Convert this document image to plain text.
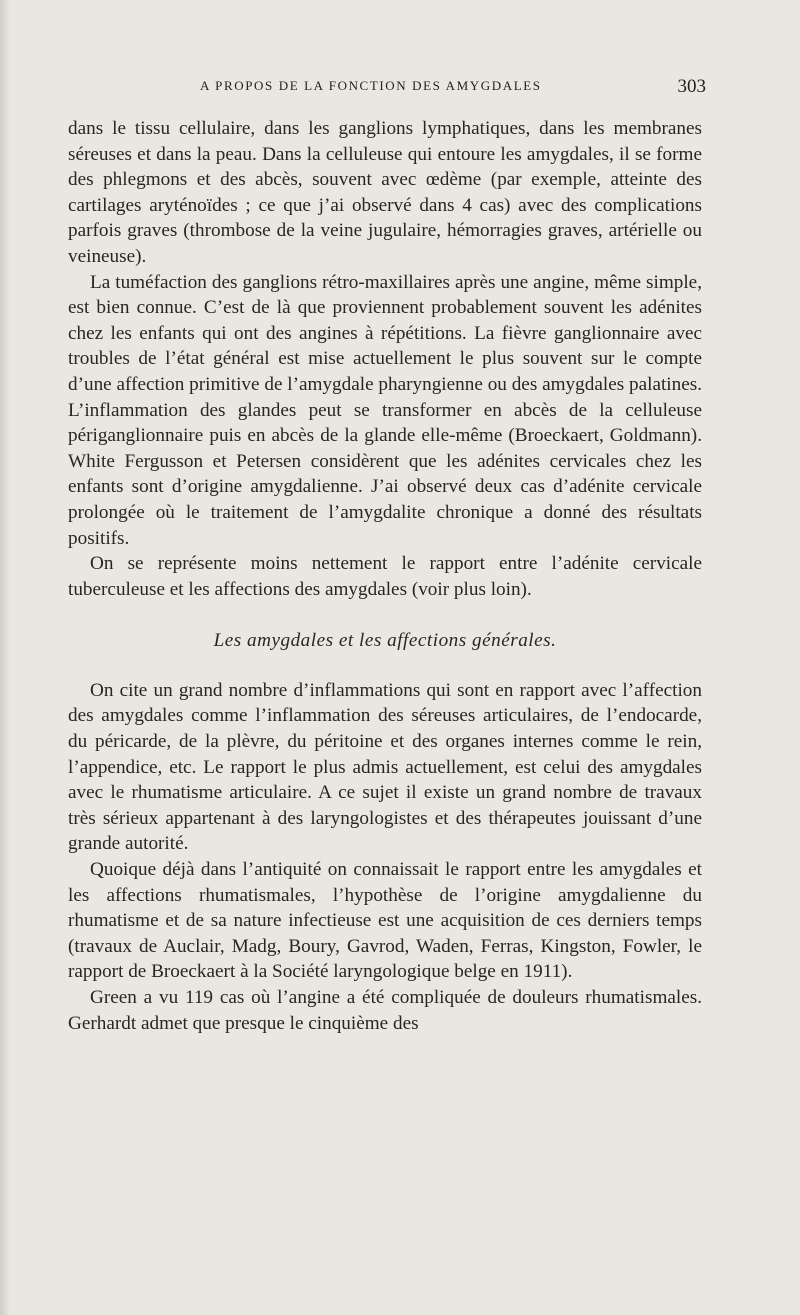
A PROPOS DE LA FONCTION DES AMYGDALES	303

dans le tissu cellulaire, dans les ganglions lymphatiques, dans les membranes séreuses et dans la peau. Dans la celluleuse qui entoure les amygdales, il se forme des phlegmons et des abcès, souvent avec œdème (par exemple, atteinte des cartilages aryténoïdes ; ce que j’ai observé dans 4 cas) avec des complications parfois graves (thrombose de la veine jugulaire, hémorragies graves, artérielle ou veineuse).

La tuméfaction des ganglions rétro-maxillaires après une angine, même simple, est bien connue. C’est de là que proviennent probablement souvent les adénites chez les enfants qui ont des angines à répétitions. La fièvre ganglionnaire avec troubles de l’état général est mise actuellement le plus souvent sur le compte d’une affection primitive de l’amygdale pharyngienne ou des amygdales palatines. L’inflammation des glandes peut se transformer en abcès de la celluleuse périganglionnaire puis en abcès de la glande elle-même (Broeckaert, Goldmann). White Fergusson et Petersen considèrent que les adénites cervicales chez les enfants sont d’origine amygdalienne. J’ai observé deux cas d’adénite cervicale prolongée où le traitement de l’amygdalite chronique a donné des résultats positifs.

On se représente moins nettement le rapport entre l’adénite cervicale tuberculeuse et les affections des amygdales (voir plus loin).

Les amygdales et les affections générales.

On cite un grand nombre d’inflammations qui sont en rapport avec l’affection des amygdales comme l’inflammation des séreuses articulaires, de l’endocarde, du péricarde, de la plèvre, du péritoine et des organes internes comme le rein, l’appendice, etc. Le rapport le plus admis actuellement, est celui des amygdales avec le rhumatisme articulaire. A ce sujet il existe un grand nombre de travaux très sérieux appartenant à des laryngologistes et des thérapeutes jouissant d’une grande autorité.

Quoique déjà dans l’antiquité on connaissait le rapport entre les amygdales et les affections rhumatismales, l’hypothèse de l’origine amygdalienne du rhumatisme et de sa nature infectieuse est une acquisition de ces derniers temps (travaux de Auclair, Madg, Boury, Gavrod, Waden, Ferras, Kingston, Fowler, le rapport de Broeckaert à la Société laryngologique belge en 1911).

Green a vu 119 cas où l’angine a été compliquée de douleurs rhumatismales. Gerhardt admet que presque le cinquième des
